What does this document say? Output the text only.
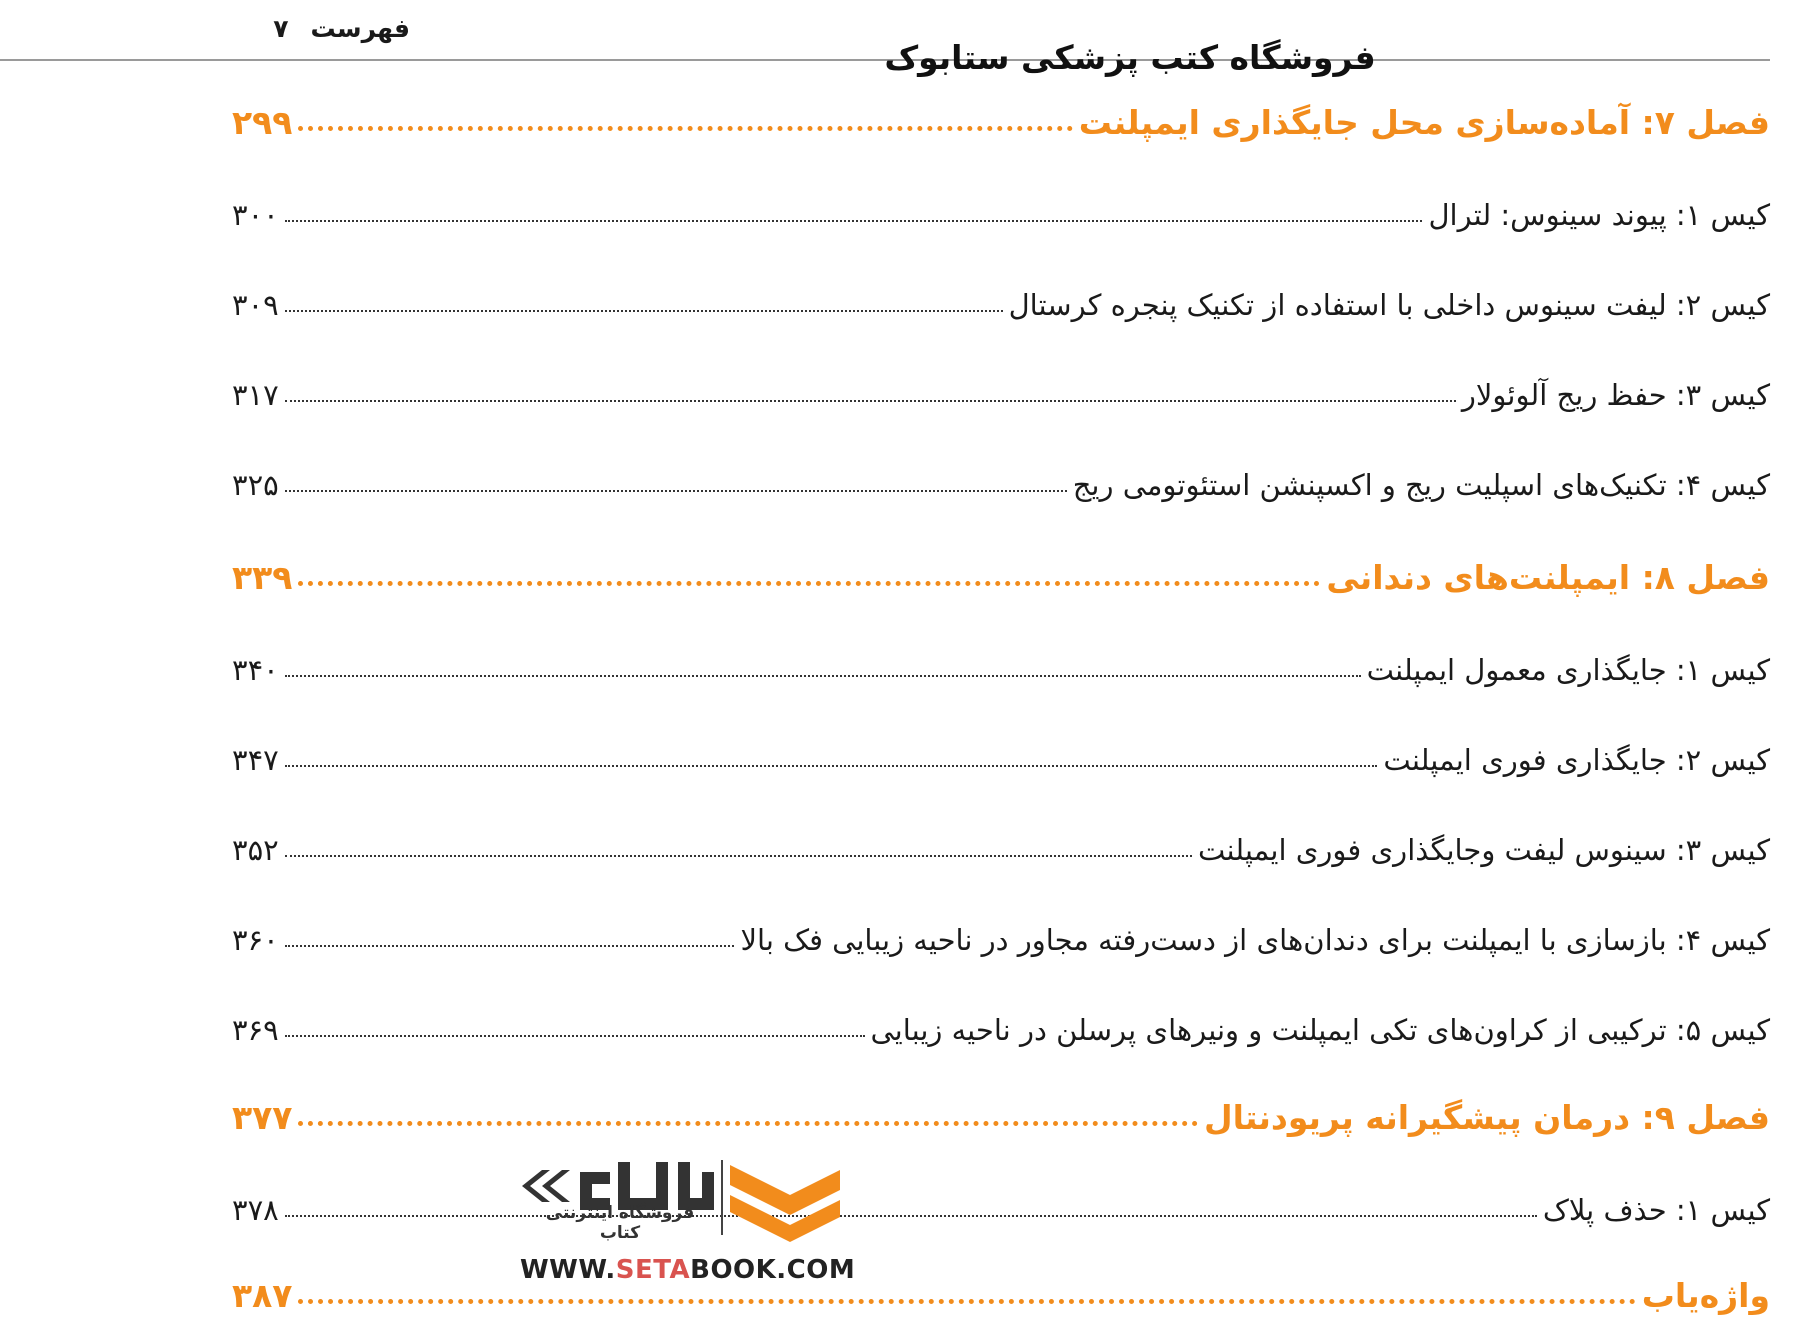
فهرست
۷
فروشگاه کتب پزشکی ستابوک
فصل ۷: آماده‌سازی محل جایگذاری ایمپلنت
۲۹۹
کیس ۱: پیوند سینوس: لترال
۳۰۰
کیس ۲: لیفت سینوس داخلی با استفاده از تکنیک پنجره کرستال
۳۰۹
کیس ۳: حفظ ریج آلوئولار
۳۱۷
کیس ۴: تکنیک‌های اسپلیت ریج و اکسپنشن استئوتومی ریج
۳۲۵
فصل ۸: ایمپلنت‌های دندانی
۳۳۹
کیس ۱: جایگذاری معمول ایمپلنت
۳۴۰
کیس ۲: جایگذاری فوری ایمپلنت
۳۴۷
کیس ۳: سینوس لیفت وجایگذاری فوری ایمپلنت
۳۵۲
کیس ۴: بازسازی با ایمپلنت برای دندان‌های از دست‌رفته مجاور در ناحیه زیبایی فک بالا
۳۶۰
کیس ۵: ترکیبی از کراون‌های تکی ایمپلنت و ونیرهای پرسلن در ناحیه زیبایی
۳۶۹
فصل ۹: درمان پیشگیرانه پریودنتال
۳۷۷
کیس ۱: حذف پلاک
۳۷۸
واژه‌یاب
۳۸۷
فروشگاه اینترنتی کتاب
WWW.SETABOOK.COM
